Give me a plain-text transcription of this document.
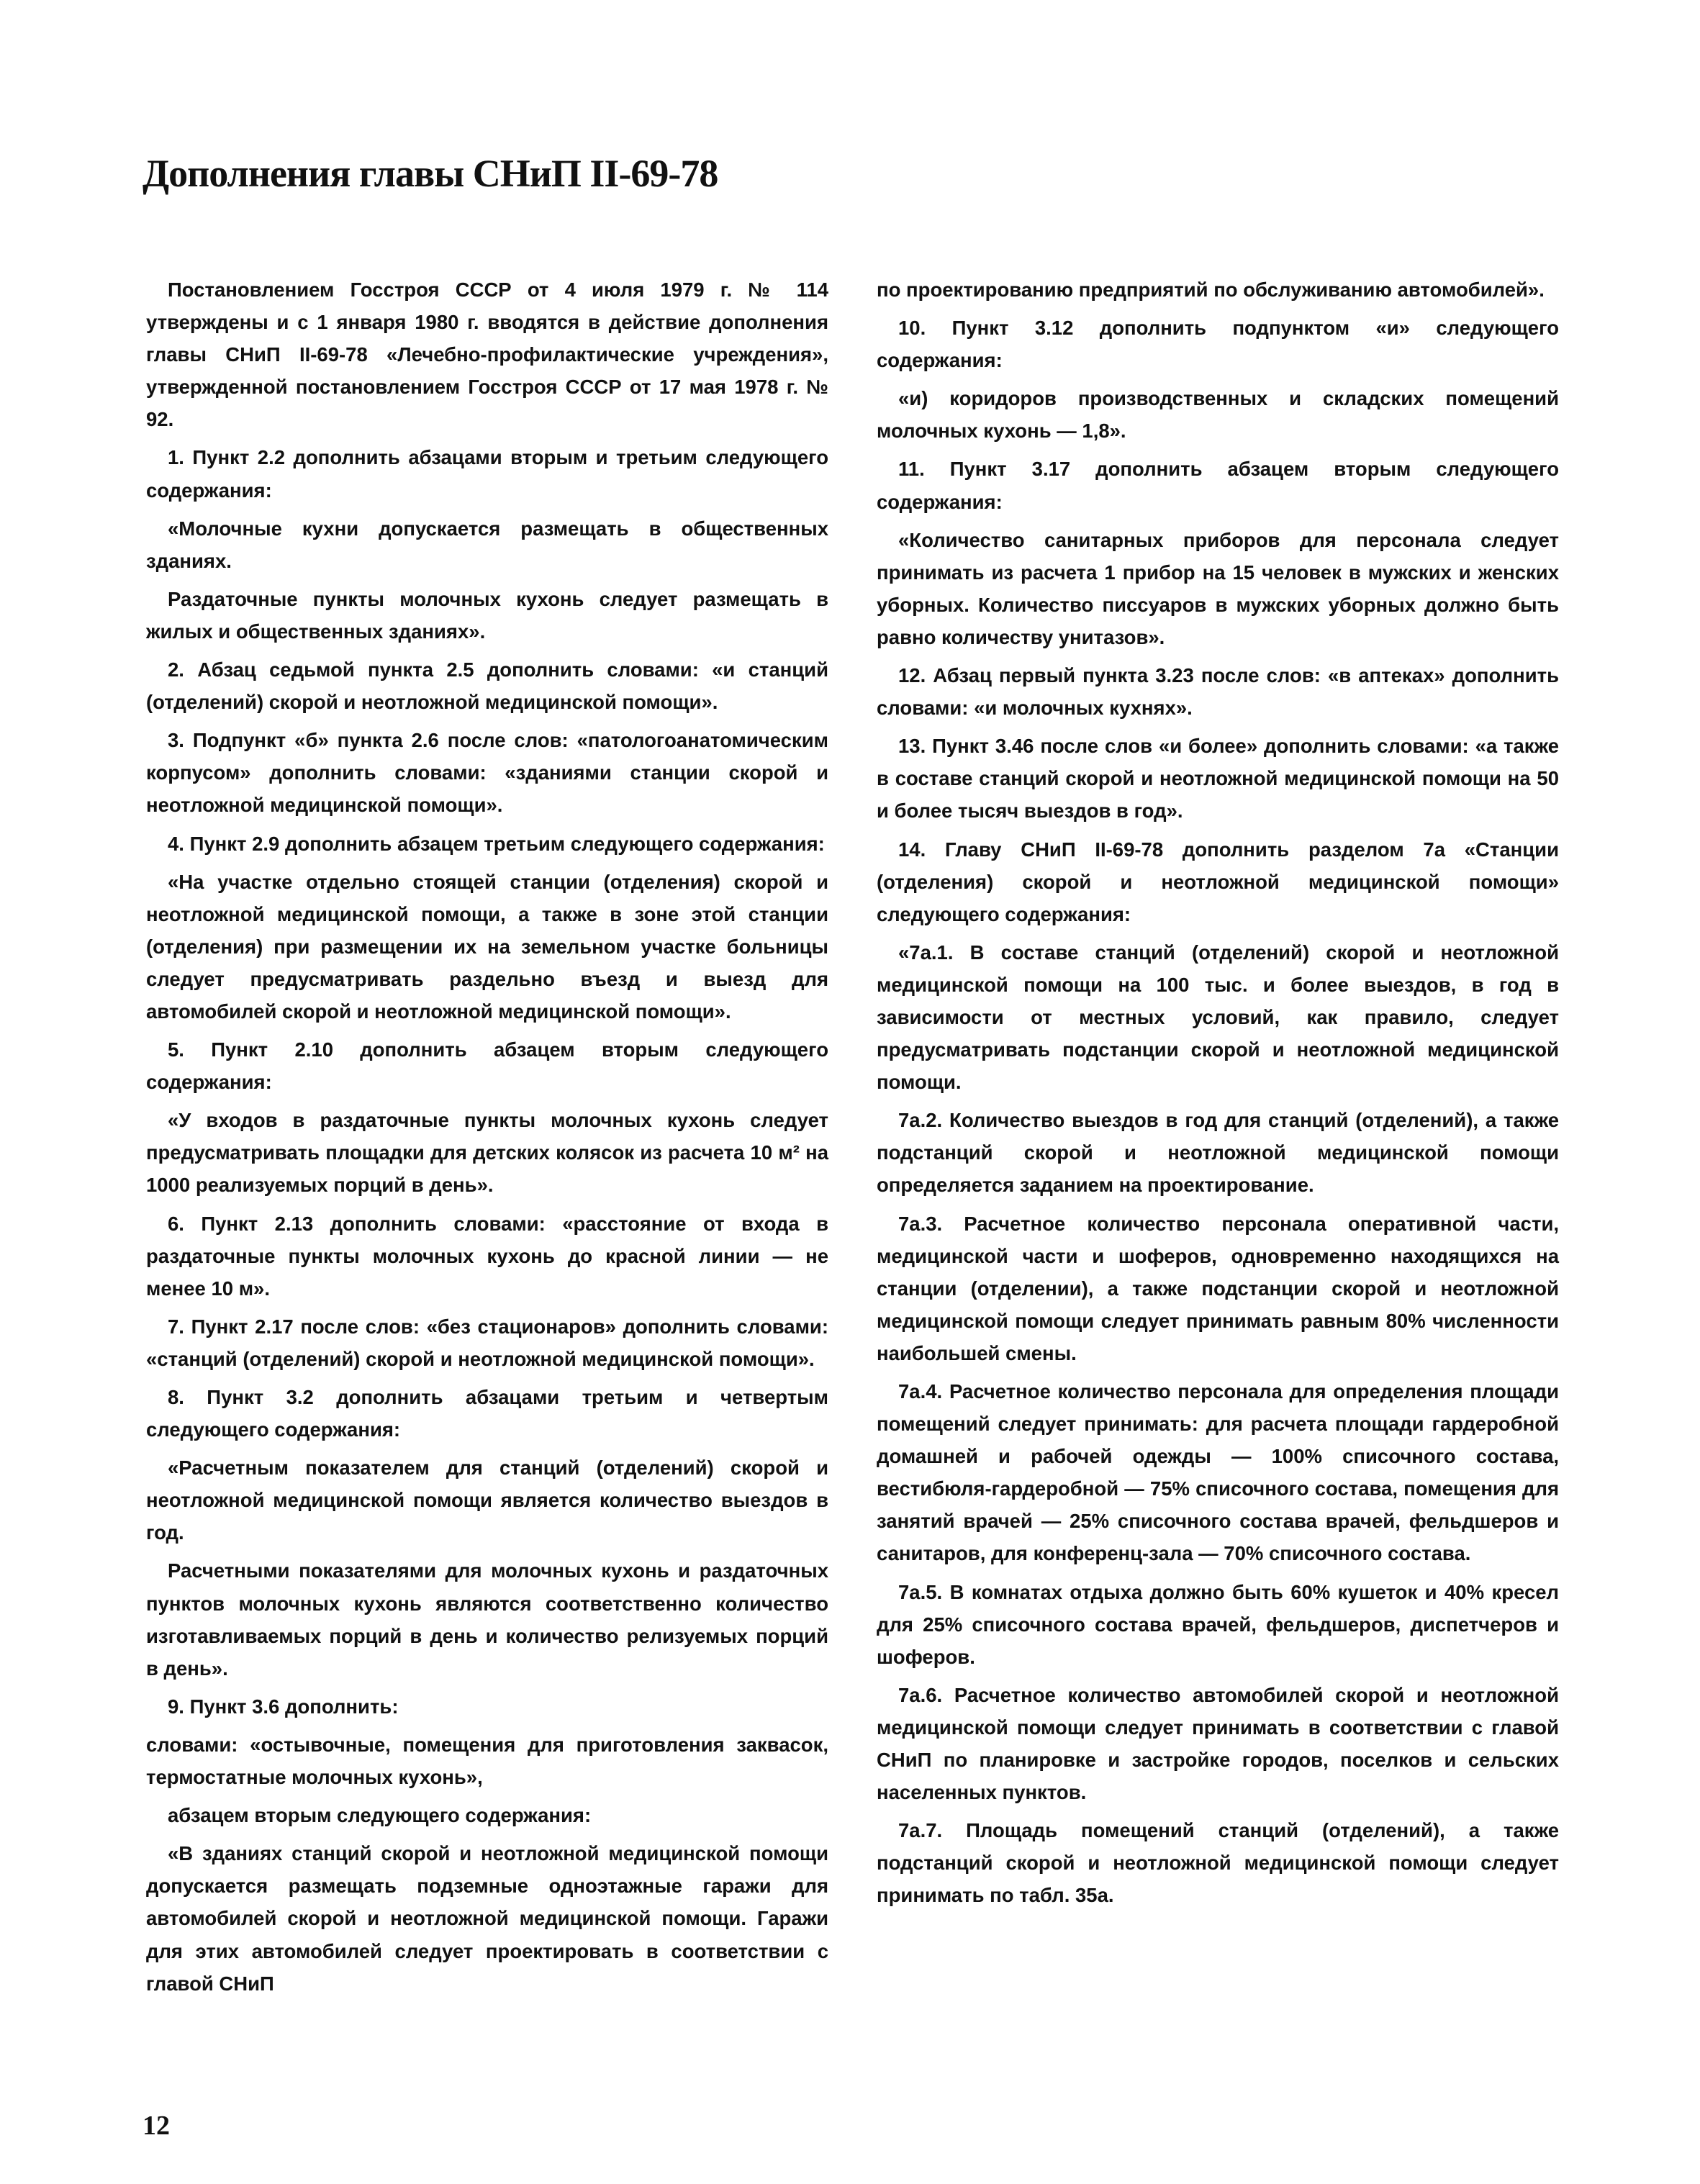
Дополнения главы СНиП II-69-78

Постановлением Госстроя СССР от 4 июля 1979 г. № 114 утверждены и с 1 января 1980 г. вводятся в действие дополнения главы СНиП II-69-78 «Лечебно-профилактические учреждения», утвержденной постановлением Госстроя СССР от 17 мая 1978 г. № 92.

1. Пункт 2.2 дополнить абзацами вторым и третьим следующего содержания:

«Молочные кухни допускается размещать в общественных зданиях.

Раздаточные пункты молочных кухонь следует размещать в жилых и общественных зданиях».

2. Абзац седьмой пункта 2.5 дополнить словами: «и станций (отделений) скорой и неотложной медицинской помощи».

3. Подпункт «б» пункта 2.6 после слов: «патологоанатомическим корпусом» дополнить словами: «зданиями станции скорой и неотложной медицинской помощи».

4. Пункт 2.9 дополнить абзацем третьим следующего содержания:

«На участке отдельно стоящей станции (отделения) скорой и неотложной медицинской помощи, а также в зоне этой станции (отделения) при размещении их на земельном участке больницы следует предусматривать раздельно въезд и выезд для автомобилей скорой и неотложной медицинской помощи».

5. Пункт 2.10 дополнить абзацем вторым следующего содержания:

«У входов в раздаточные пункты молочных кухонь следует предусматривать площадки для детских колясок из расчета 10 м² на 1000 реализуемых порций в день».

6. Пункт 2.13 дополнить словами: «расстояние от входа в раздаточные пункты молочных кухонь до красной линии — не менее 10 м».

7. Пункт 2.17 после слов: «без стационаров» дополнить словами: «станций (отделений) скорой и неотложной медицинской помощи».

8. Пункт 3.2 дополнить абзацами третьим и четвертым следующего содержания:

«Расчетным показателем для станций (отделений) скорой и неотложной медицинской помощи является количество выездов в год.

Расчетными показателями для молочных кухонь и раздаточных пунктов молочных кухонь являются соответственно количество изготавливаемых порций в день и количество релизуемых порций в день».

9. Пункт 3.6 дополнить:

словами: «остывочные, помещения для приготовления заквасок, термостатные молочных кухонь»,

абзацем вторым следующего содержания:

«В зданиях станций скорой и неотложной медицинской помощи допускается размещать подземные одноэтажные гаражи для автомобилей скорой и неотложной медицинской помощи. Гаражи для этих автомобилей следует проектировать в соответствии с главой СНиП

по проектированию предприятий по обслуживанию автомобилей».

10. Пункт 3.12 дополнить подпунктом «и» следующего содержания:

«и) коридоров производственных и складских помещений молочных кухонь — 1,8».

11. Пункт 3.17 дополнить абзацем вторым следующего содержания:

«Количество санитарных приборов для персонала следует принимать из расчета 1 прибор на 15 человек в мужских и женских уборных. Количество писсуаров в мужских уборных должно быть равно количеству унитазов».

12. Абзац первый пункта 3.23 после слов: «в аптеках» дополнить словами: «и молочных кухнях».

13. Пункт 3.46 после слов «и более» дополнить словами: «а также в составе станций скорой и неотложной медицинской помощи на 50 и более тысяч выездов в год».

14. Главу СНиП II-69-78 дополнить разделом 7а «Станции (отделения) скорой и неотложной медицинской помощи» следующего содержания:

«7а.1. В составе станций (отделений) скорой и неотложной медицинской помощи на 100 тыс. и более выездов, в год в зависимости от местных условий, как правило, следует предусматривать подстанции скорой и неотложной медицинской помощи.

7а.2. Количество выездов в год для станций (отделений), а также подстанций скорой и неотложной медицинской помощи определяется заданием на проектирование.

7а.3. Расчетное количество персонала оперативной части, медицинской части и шоферов, одновременно находящихся на станции (отделении), а также подстанции скорой и неотложной медицинской помощи следует принимать равным 80% численности наибольшей смены.

7а.4. Расчетное количество персонала для определения площади помещений следует принимать: для расчета площади гардеробной домашней и рабочей одежды — 100% списочного состава, вестибюля-гардеробной — 75% списочного состава, помещения для занятий врачей — 25% списочного состава врачей, фельдшеров и санитаров, для конференц-зала — 70% списочного состава.

7а.5. В комнатах отдыха должно быть 60% кушеток и 40% кресел для 25% списочного состава врачей, фельдшеров, диспетчеров и шоферов.

7а.6. Расчетное количество автомобилей скорой и неотложной медицинской помощи следует принимать в соответствии с главой СНиП по планировке и застройке городов, поселков и сельских населенных пунктов.

7а.7. Площадь помещений станций (отделений), а также подстанций скорой и неотложной медицинской помощи следует принимать по табл. 35а.

12
